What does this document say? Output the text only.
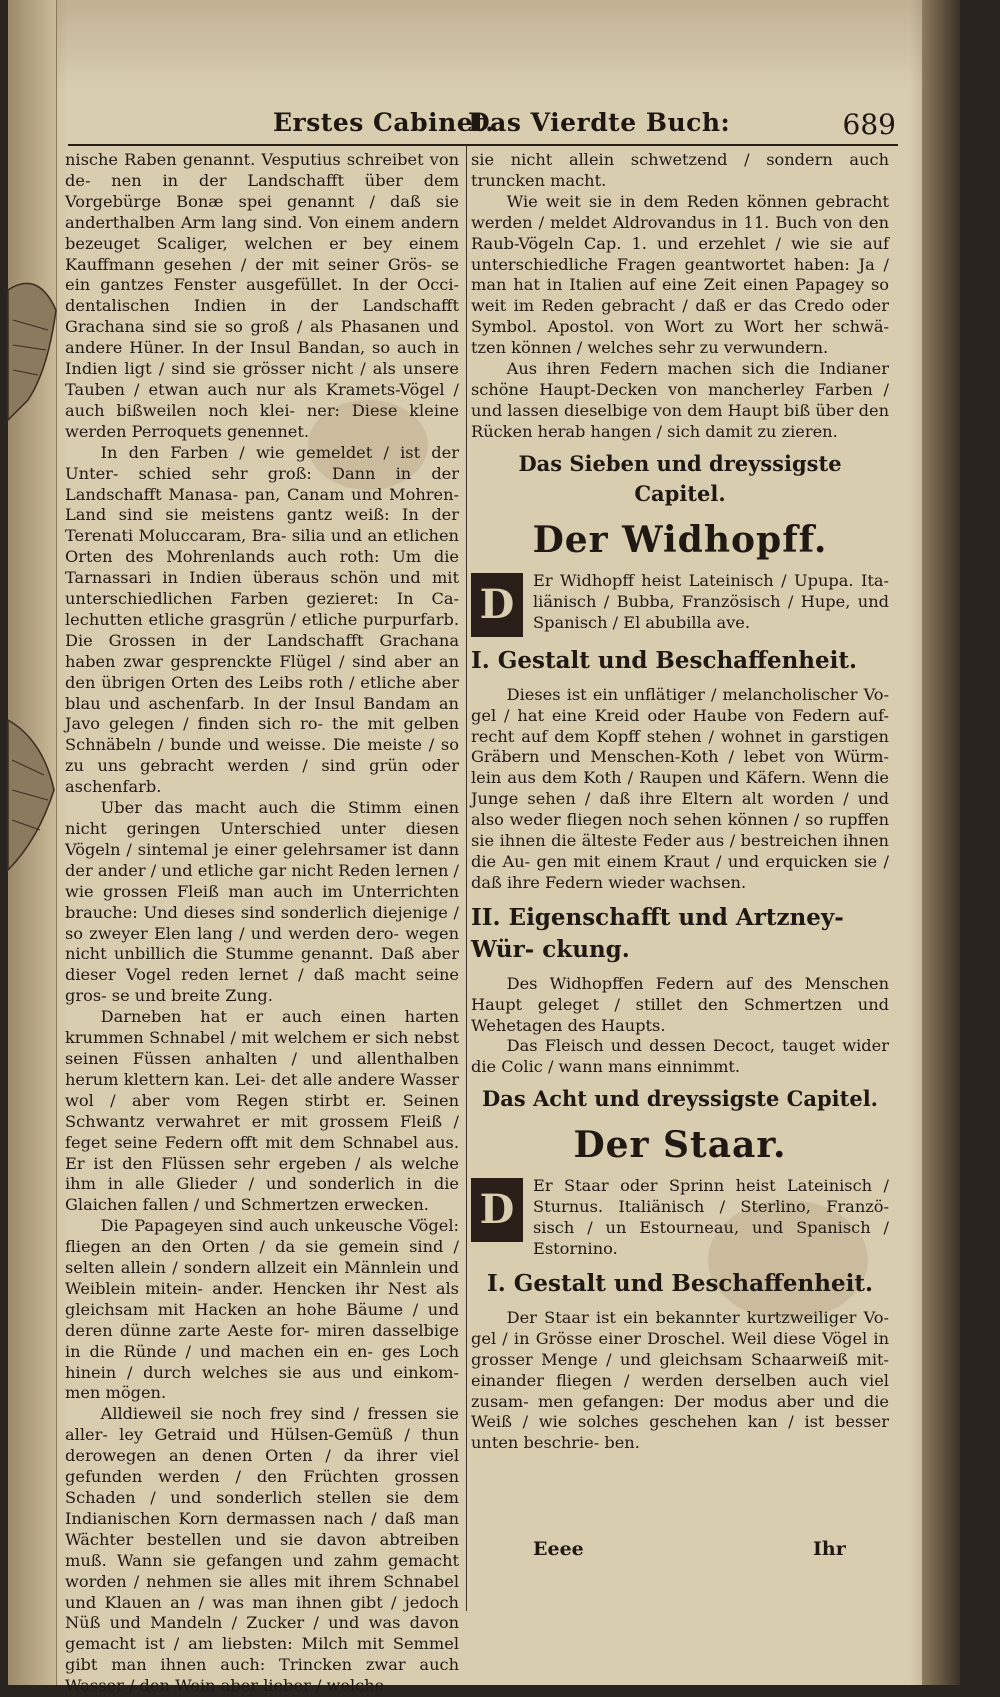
Erstes Cabinet.
Das Vierdte Buch:	689

nische Raben genannt. Vesputius schreibet von de- nen in der Landschafft über dem Vorgebürge Bonæ spei genannt / daß sie anderthalben Arm lang sind. Von einem andern bezeuget Scaliger, welchen er bey einem Kauffmann gesehen / der mit seiner Grös- se ein gantzes Fenster ausgefüllet. In der Occi- dentalischen Indien in der Landschafft Grachana sind sie so groß / als Phasanen und andere Hüner. In der Insul Bandan, so auch in Indien ligt / sind sie grösser nicht / als unsere Tauben / etwan auch nur als Kramets-Vögel / auch bißweilen noch klei- ner: Diese kleine werden Perroquets genennet.

In den Farben / wie gemeldet / ist der Unter- schied sehr groß: Dann in der Landschafft Manasa- pan, Canam und Mohren-Land sind sie meistens gantz weiß: In der Terenati Moluccaram, Bra- silia und an etlichen Orten des Mohrenlands auch roth: Um die Tarnassari in Indien überaus schön und mit unterschiedlichen Farben gezieret: In Ca- lechutten etliche grasgrün / etliche purpurfarb. Die Grossen in der Landschafft Grachana haben zwar gesprenckte Flügel / sind aber an den übrigen Orten des Leibs roth / etliche aber blau und aschenfarb. In der Insul Bandam an Javo gelegen / finden sich ro- the mit gelben Schnäbeln / bunde und weisse. Die meiste / so zu uns gebracht werden / sind grün oder aschenfarb.

Uber das macht auch die Stimm einen nicht geringen Unterschied unter diesen Vögeln / sintemal je einer gelehrsamer ist dann der ander / und etliche gar nicht Reden lernen / wie grossen Fleiß man auch im Unterrichten brauche: Und dieses sind sonderlich diejenige / so zweyer Elen lang / und werden dero- wegen nicht unbillich die Stumme genannt. Daß aber dieser Vogel reden lernet / daß macht seine gros- se und breite Zung.

Darneben hat er auch einen harten krummen Schnabel / mit welchem er sich nebst seinen Füssen anhalten / und allenthalben herum klettern kan. Lei- det alle andere Wasser wol / aber vom Regen stirbt er. Seinen Schwantz verwahret er mit grossem Fleiß / feget seine Federn offt mit dem Schnabel aus. Er ist den Flüssen sehr ergeben / als welche ihm in alle Glieder / und sonderlich in die Glaichen fallen / und Schmertzen erwecken.

Die Papageyen sind auch unkeusche Vögel: fliegen an den Orten / da sie gemein sind / selten allein / sondern allzeit ein Männlein und Weiblein mitein- ander. Hencken ihr Nest als gleichsam mit Hacken an hohe Bäume / und deren dünne zarte Aeste for- miren dasselbige in die Ründe / und machen ein en- ges Loch hinein / durch welches sie aus und einkom- men mögen.

Alldieweil sie noch frey sind / fressen sie aller- ley Getraid und Hülsen-Gemüß / thun derowegen an denen Orten / da ihrer viel gefunden werden / den Früchten grossen Schaden / und sonderlich stellen sie dem Indianischen Korn dermassen nach / daß man Wächter bestellen und sie davon abtreiben muß. Wann sie gefangen und zahm gemacht worden / nehmen sie alles mit ihrem Schnabel und Klauen an / was man ihnen gibt / jedoch Nüß und Mandeln / Zucker / und was davon gemacht ist / am liebsten: Milch mit Semmel gibt man ihnen auch: Trincken zwar auch Wasser / den Wein aber lieber / welche

sie nicht allein schwetzend / sondern auch truncken macht.

Wie weit sie in dem Reden können gebracht werden / meldet Aldrovandus in 11. Buch von den Raub-Vögeln Cap. 1. und erzehlet / wie sie auf unterschiedliche Fragen geantwortet haben: Ja / man hat in Italien auf eine Zeit einen Papagey so weit im Reden gebracht / daß er das Credo oder Symbol. Apostol. von Wort zu Wort her schwä- tzen können / welches sehr zu verwundern.

Aus ihren Federn machen sich die Indianer schöne Haupt-Decken von mancherley Farben / und lassen dieselbige von dem Haupt biß über den Rücken herab hangen / sich damit zu zieren.

Das Sieben und dreyssigste Capitel.
Der Widhopff.
D

Er Widhopff heist Lateinisch / Upupa. Ita- liänisch / Bubba, Französisch / Hupe, und Spanisch / El abubilla ave.

I. Gestalt und Beschaffenheit.

Dieses ist ein unflätiger / melancholischer Vo- gel / hat eine Kreid oder Haube von Federn auf- recht auf dem Kopff stehen / wohnet in garstigen Gräbern und Menschen-Koth / lebet von Würm- lein aus dem Koth / Raupen und Käfern. Wenn die Junge sehen / daß ihre Eltern alt worden / und also weder fliegen noch sehen können / so rupffen sie ihnen die älteste Feder aus / bestreichen ihnen die Au- gen mit einem Kraut / und erquicken sie / daß ihre Federn wieder wachsen.

II. Eigenschafft und Artzney-Wür- ckung.

Des Widhopffen Federn auf des Menschen Haupt geleget / stillet den Schmertzen und Wehetagen des Haupts.

Das Fleisch und dessen Decoct, tauget wider die Colic / wann mans einnimmt.

Das Acht und dreyssigste Capitel.
Der Staar.
D

Er Staar oder Sprinn heist Lateinisch / Sturnus. Italiänisch / Sterlino, Franzö- sisch / un Estourneau, und Spanisch / Estornino.

I. Gestalt und Beschaffenheit.

Der Staar ist ein bekannter kurtzweiliger Vo- gel / in Grösse einer Droschel. Weil diese Vögel in grosser Menge / und gleichsam Schaarweiß mit- einander fliegen / werden derselben auch viel zusam- men gefangen: Der modus aber und die Weiß / wie solches geschehen kan / ist besser unten beschrie- ben.

Eeee	Ihr
